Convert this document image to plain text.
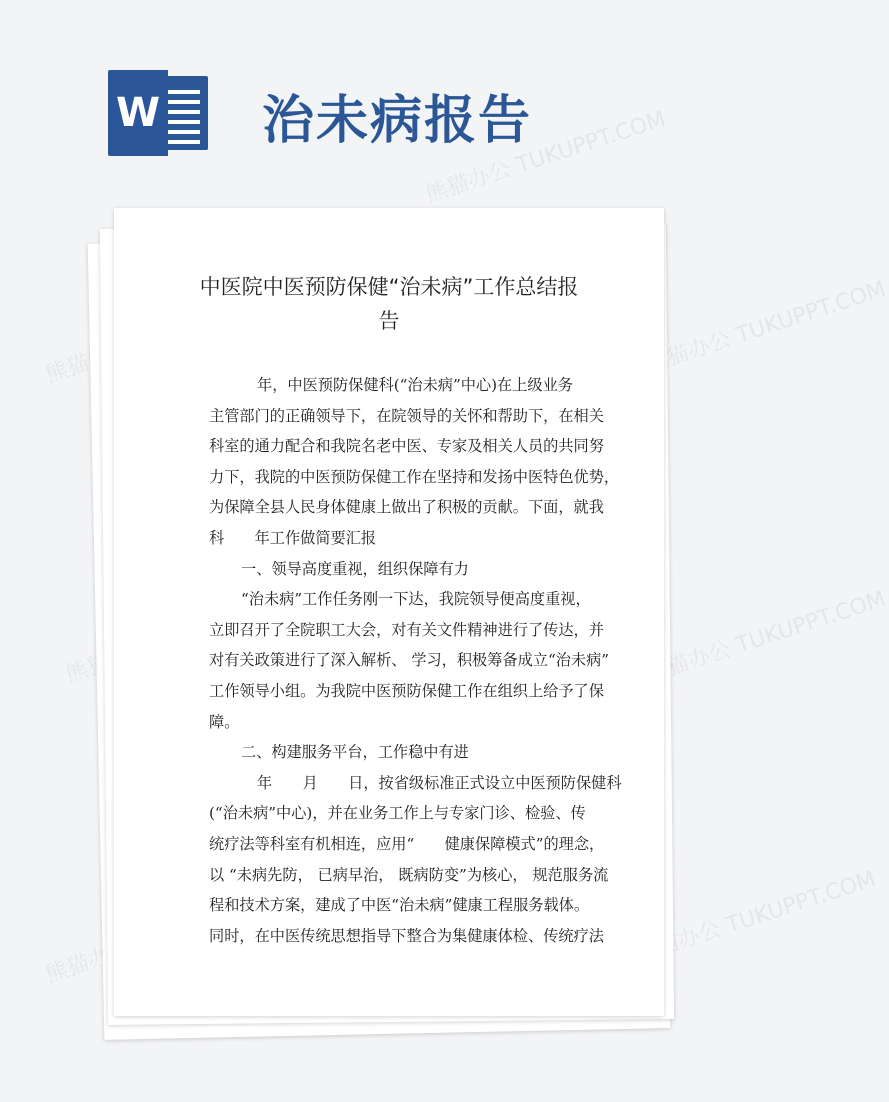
W 治未病报告
熊猫办公
熊猫办公 TUKUPPT.COM
熊猫办公 TUKUPPT.COM
熊猫办公 TUKUPPT.COM
熊猫办公	熊猫办公 TUKUPPT.COM
中医院中医预防保健“治未病”工作总结报
告
年，中医预防保健科(“治未病”中心)在上级业务
主管部门的正确领导下，在院领导的关怀和帮助下，在相关
科室的通力配合和我院名老中医、专家及相关人员的共同努
力下，我院的中医预防保健工作在坚持和发扬中医特色优势，
为保障全县人民身体健康上做出了积极的贡献。下面，就我
科　　年工作做简要汇报
一、领导高度重视，组织保障有力
“治未病”工作任务刚一下达，我院领导便高度重视，
立即召开了全院职工大会，对有关文件精神进行了传达，并
对有关政策进行了深入解析、 学习，积极筹备成立“治未病”
工作领导小组。为我院中医预防保健工作在组织上给予了保
障。
二、构建服务平台，工作稳中有进
年　　月　　日，按省级标准正式设立中医预防保健科
(“治未病”中心)，并在业务工作上与专家门诊、检验、传
统疗法等科室有机相连，应用“　　健康保障模式”的理念，
以 “未病先防， 已病早治， 既病防变”为核心， 规范服务流
程和技术方案，建成了中医“治未病”健康工程服务载体。
同时，在中医传统思想指导下整合为集健康体检、传统疗法
